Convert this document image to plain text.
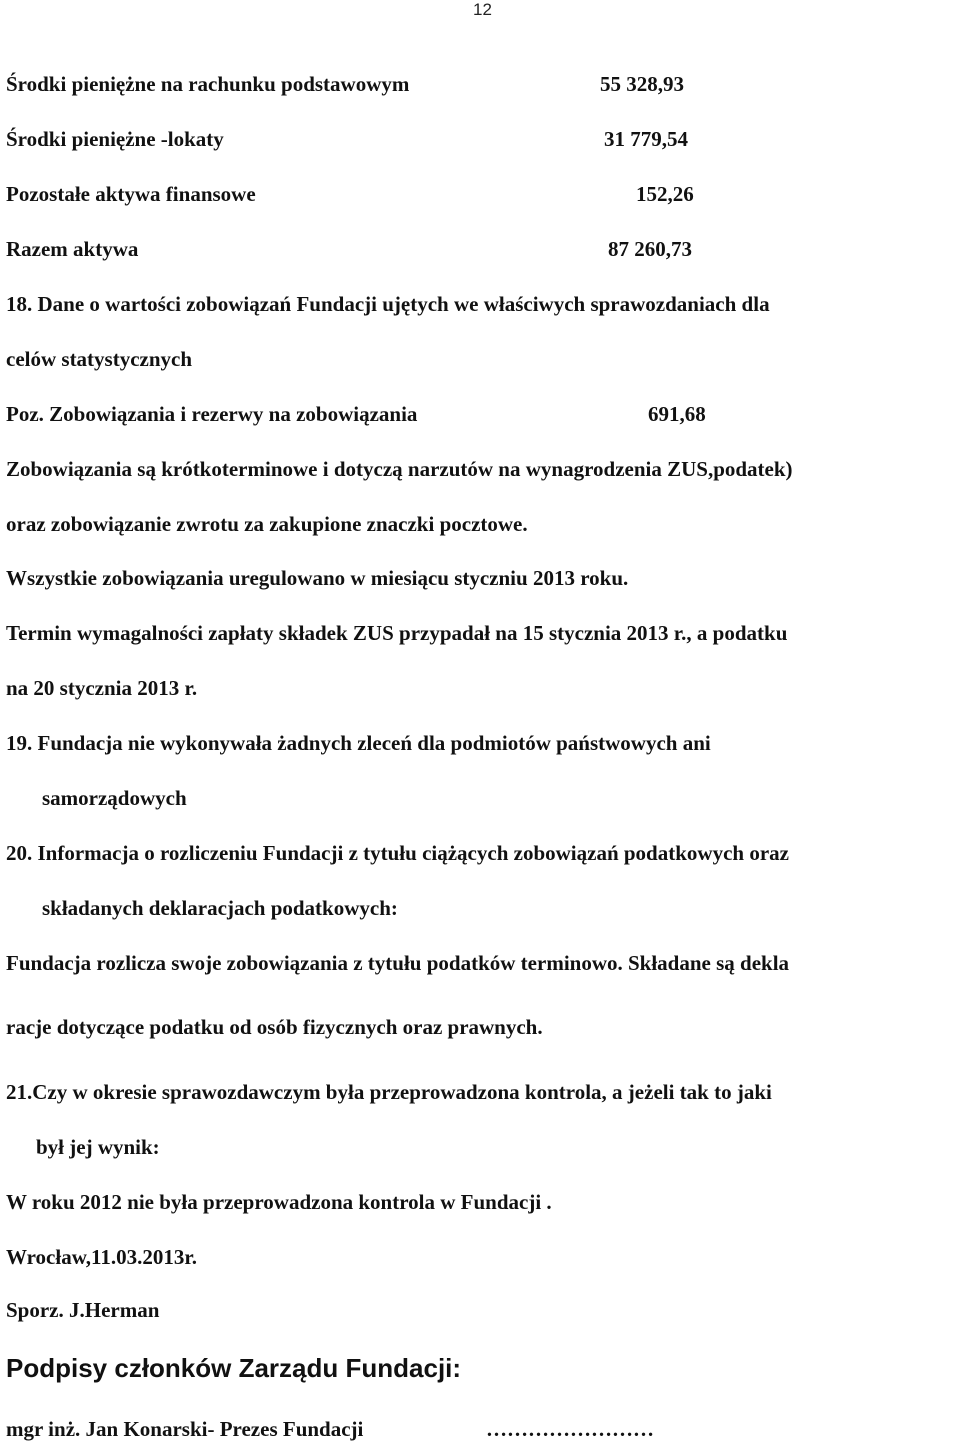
12
Środki pieniężne na rachunku podstawowym	55 328,93
Środki pieniężne -lokaty	31 779,54
Pozostałe aktywa finansowe	152,26
Razem aktywa	87 260,73
18. Dane o wartości zobowiązań Fundacji ujętych we właściwych sprawozdaniach dla
celów statystycznych
Poz. Zobowiązania i rezerwy na zobowiązania	691,68
Zobowiązania są krótkoterminowe i dotyczą narzutów na wynagrodzenia ZUS,podatek)
oraz zobowiązanie zwrotu za zakupione znaczki pocztowe.
Wszystkie zobowiązania uregulowano w miesiącu styczniu 2013 roku.
Termin wymagalności zapłaty składek ZUS przypadał na 15 stycznia 2013 r., a podatku
na 20 stycznia 2013 r.
19. Fundacja nie wykonywała żadnych zleceń dla podmiotów państwowych ani
samorządowych
20. Informacja o rozliczeniu Fundacji z tytułu ciążących zobowiązań podatkowych oraz
składanych deklaracjach podatkowych:
Fundacja rozlicza swoje zobowiązania z tytułu podatków terminowo. Składane są dekla
racje dotyczące podatku od osób fizycznych oraz prawnych.
21.Czy w okresie sprawozdawczym była przeprowadzona kontrola, a jeżeli tak to jaki
był jej wynik:
W roku 2012 nie była przeprowadzona kontrola w Fundacji .
Wrocław,11.03.2013r.
Sporz. J.Herman
Podpisy członków Zarządu Fundacji:
mgr inż. Jan Konarski- Prezes Fundacji	……………………
